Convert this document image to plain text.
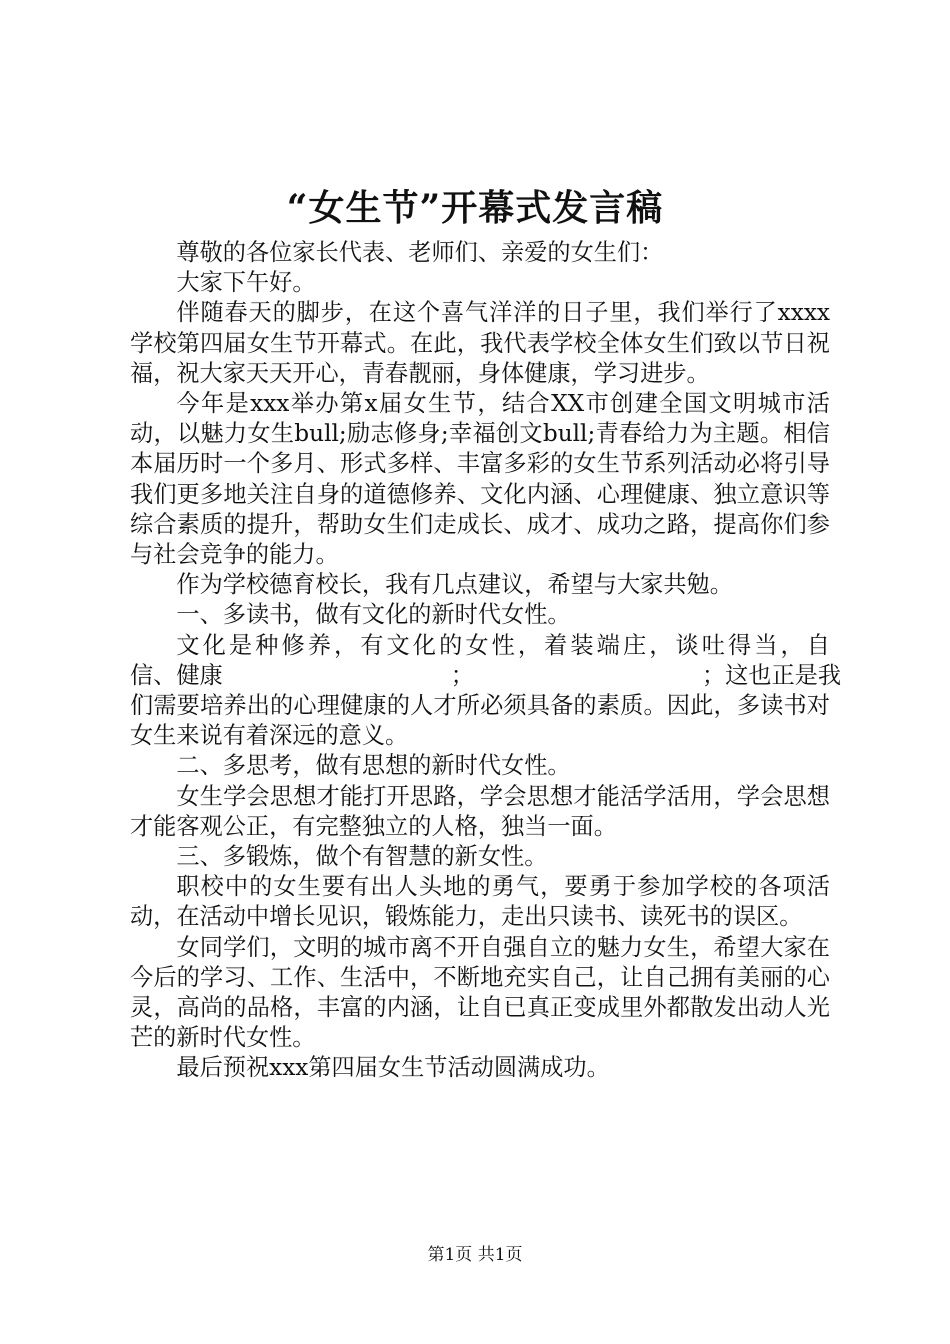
“女生节”开幕式发言稿

尊敬的各位家长代表、老师们、亲爱的女生们：

大家下午好。

伴随春天的脚步，在这个喜气洋洋的日子里，我们举行了xxxx学校第四届女生节开幕式。在此，我代表学校全体女生们致以节日祝福，祝大家天天开心，青春靓丽，身体健康，学习进步。

今年是xxx举办第x届女生节，结合XX市创建全国文明城市活动，以魅力女生bull;励志修身;幸福创文bull;青春给力为主题。相信本届历时一个多月、形式多样、丰富多彩的女生节系列活动必将引导我们更多地关注自身的道德修养、文化内涵、心理健康、独立意识等综合素质的提升，帮助女生们走成长、成才、成功之路，提高你们参与社会竞争的能力。

作为学校德育校长，我有几点建议，希望与大家共勉。

一、多读书，做有文化的新时代女性。

文化是种修养，有文化的女性，着装端庄，谈吐得当，自

信、健康	；	；这也正是我

们需要培养出的心理健康的人才所必须具备的素质。因此，多读书对女生来说有着深远的意义。

二、多思考，做有思想的新时代女性。

女生学会思想才能打开思路，学会思想才能活学活用，学会思想才能客观公正，有完整独立的人格，独当一面。

三、多锻炼，做个有智慧的新女性。

职校中的女生要有出人头地的勇气，要勇于参加学校的各项活动，在活动中增长见识，锻炼能力，走出只读书、读死书的误区。

女同学们，文明的城市离不开自强自立的魅力女生，希望大家在今后的学习、工作、生活中，不断地充实自己，让自己拥有美丽的心灵，高尚的品格，丰富的内涵，让自已真正变成里外都散发出动人光芒的新时代女性。

最后预祝xxx第四届女生节活动圆满成功。

第1页 共1页
